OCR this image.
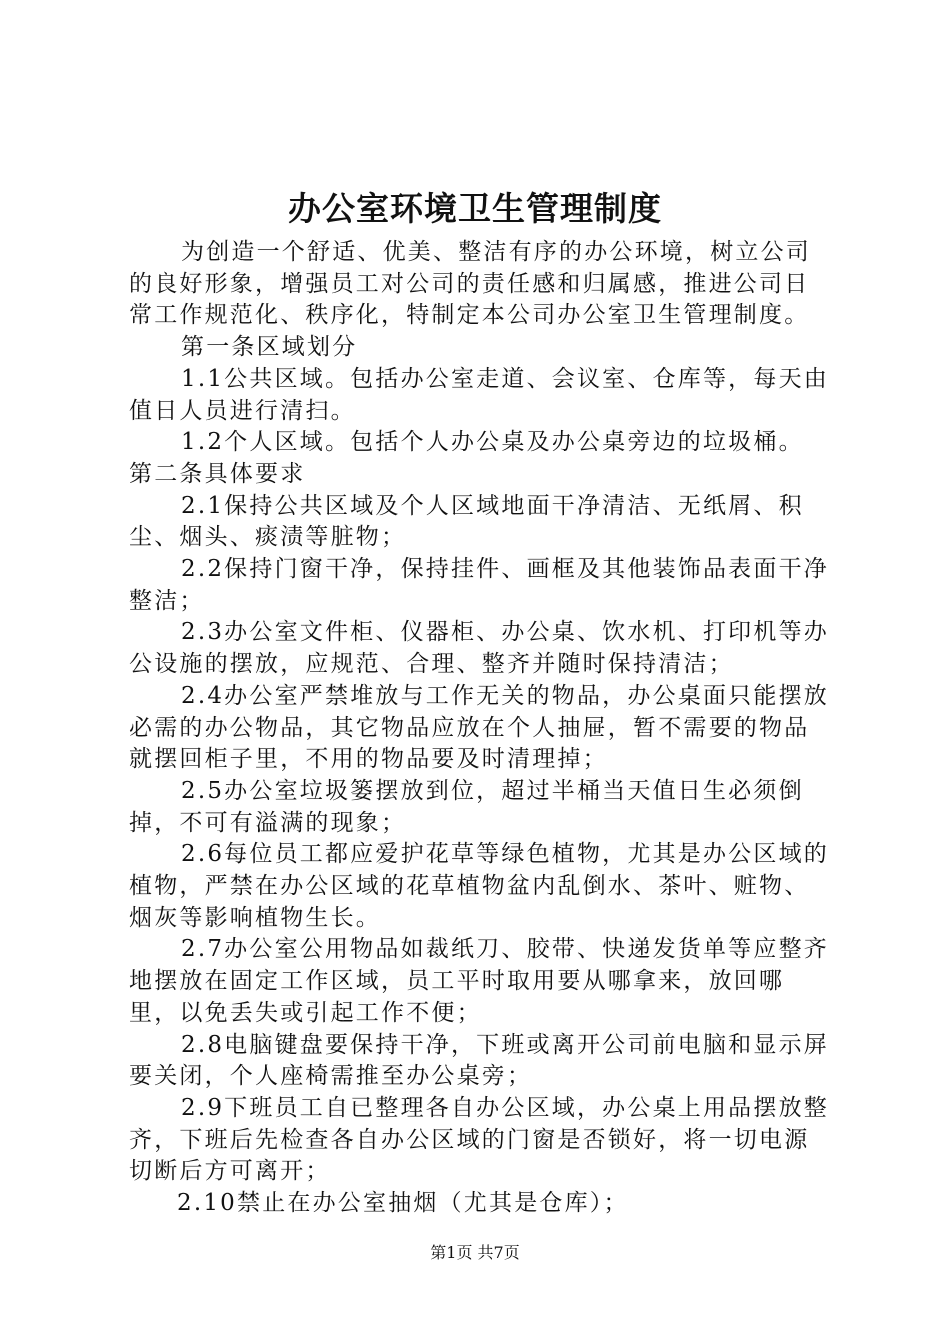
办公室环境卫生管理制度

为创造一个舒适、优美、整洁有序的办公环境，树立公司的良好形象，增强员工对公司的责任感和归属感，推进公司日常工作规范化、秩序化，特制定本公司办公室卫生管理制度。

第一条区域划分

1.1公共区域。包括办公室走道、会议室、仓库等，每天由值日人员进行清扫。

1.2个人区域。包括个人办公桌及办公桌旁边的垃圾桶。

第二条具体要求

2.1保持公共区域及个人区域地面干净清洁、无纸屑、积尘、烟头、痰渍等脏物；

2.2保持门窗干净，保持挂件、画框及其他装饰品表面干净整洁；

2.3办公室文件柜、仪器柜、办公桌、饮水机、打印机等办公设施的摆放，应规范、合理、整齐并随时保持清洁；

2.4办公室严禁堆放与工作无关的物品，办公桌面只能摆放必需的办公物品，其它物品应放在个人抽屉，暂不需要的物品就摆回柜子里，不用的物品要及时清理掉；

2.5办公室垃圾篓摆放到位，超过半桶当天值日生必须倒掉，不可有溢满的现象；

2.6每位员工都应爱护花草等绿色植物，尤其是办公区域的植物，严禁在办公区域的花草植物盆内乱倒水、茶叶、赃物、烟灰等影响植物生长。

2.7办公室公用物品如裁纸刀、胶带、快递发货单等应整齐地摆放在固定工作区域，员工平时取用要从哪拿来，放回哪里，以免丢失或引起工作不便；

2.8电脑键盘要保持干净，下班或离开公司前电脑和显示屏要关闭，个人座椅需推至办公桌旁；

2.9下班员工自已整理各自办公区域，办公桌上用品摆放整齐，下班后先检查各自办公区域的门窗是否锁好，将一切电源切断后方可离开；

2.10禁止在办公室抽烟（尤其是仓库）；

第1页 共7页
